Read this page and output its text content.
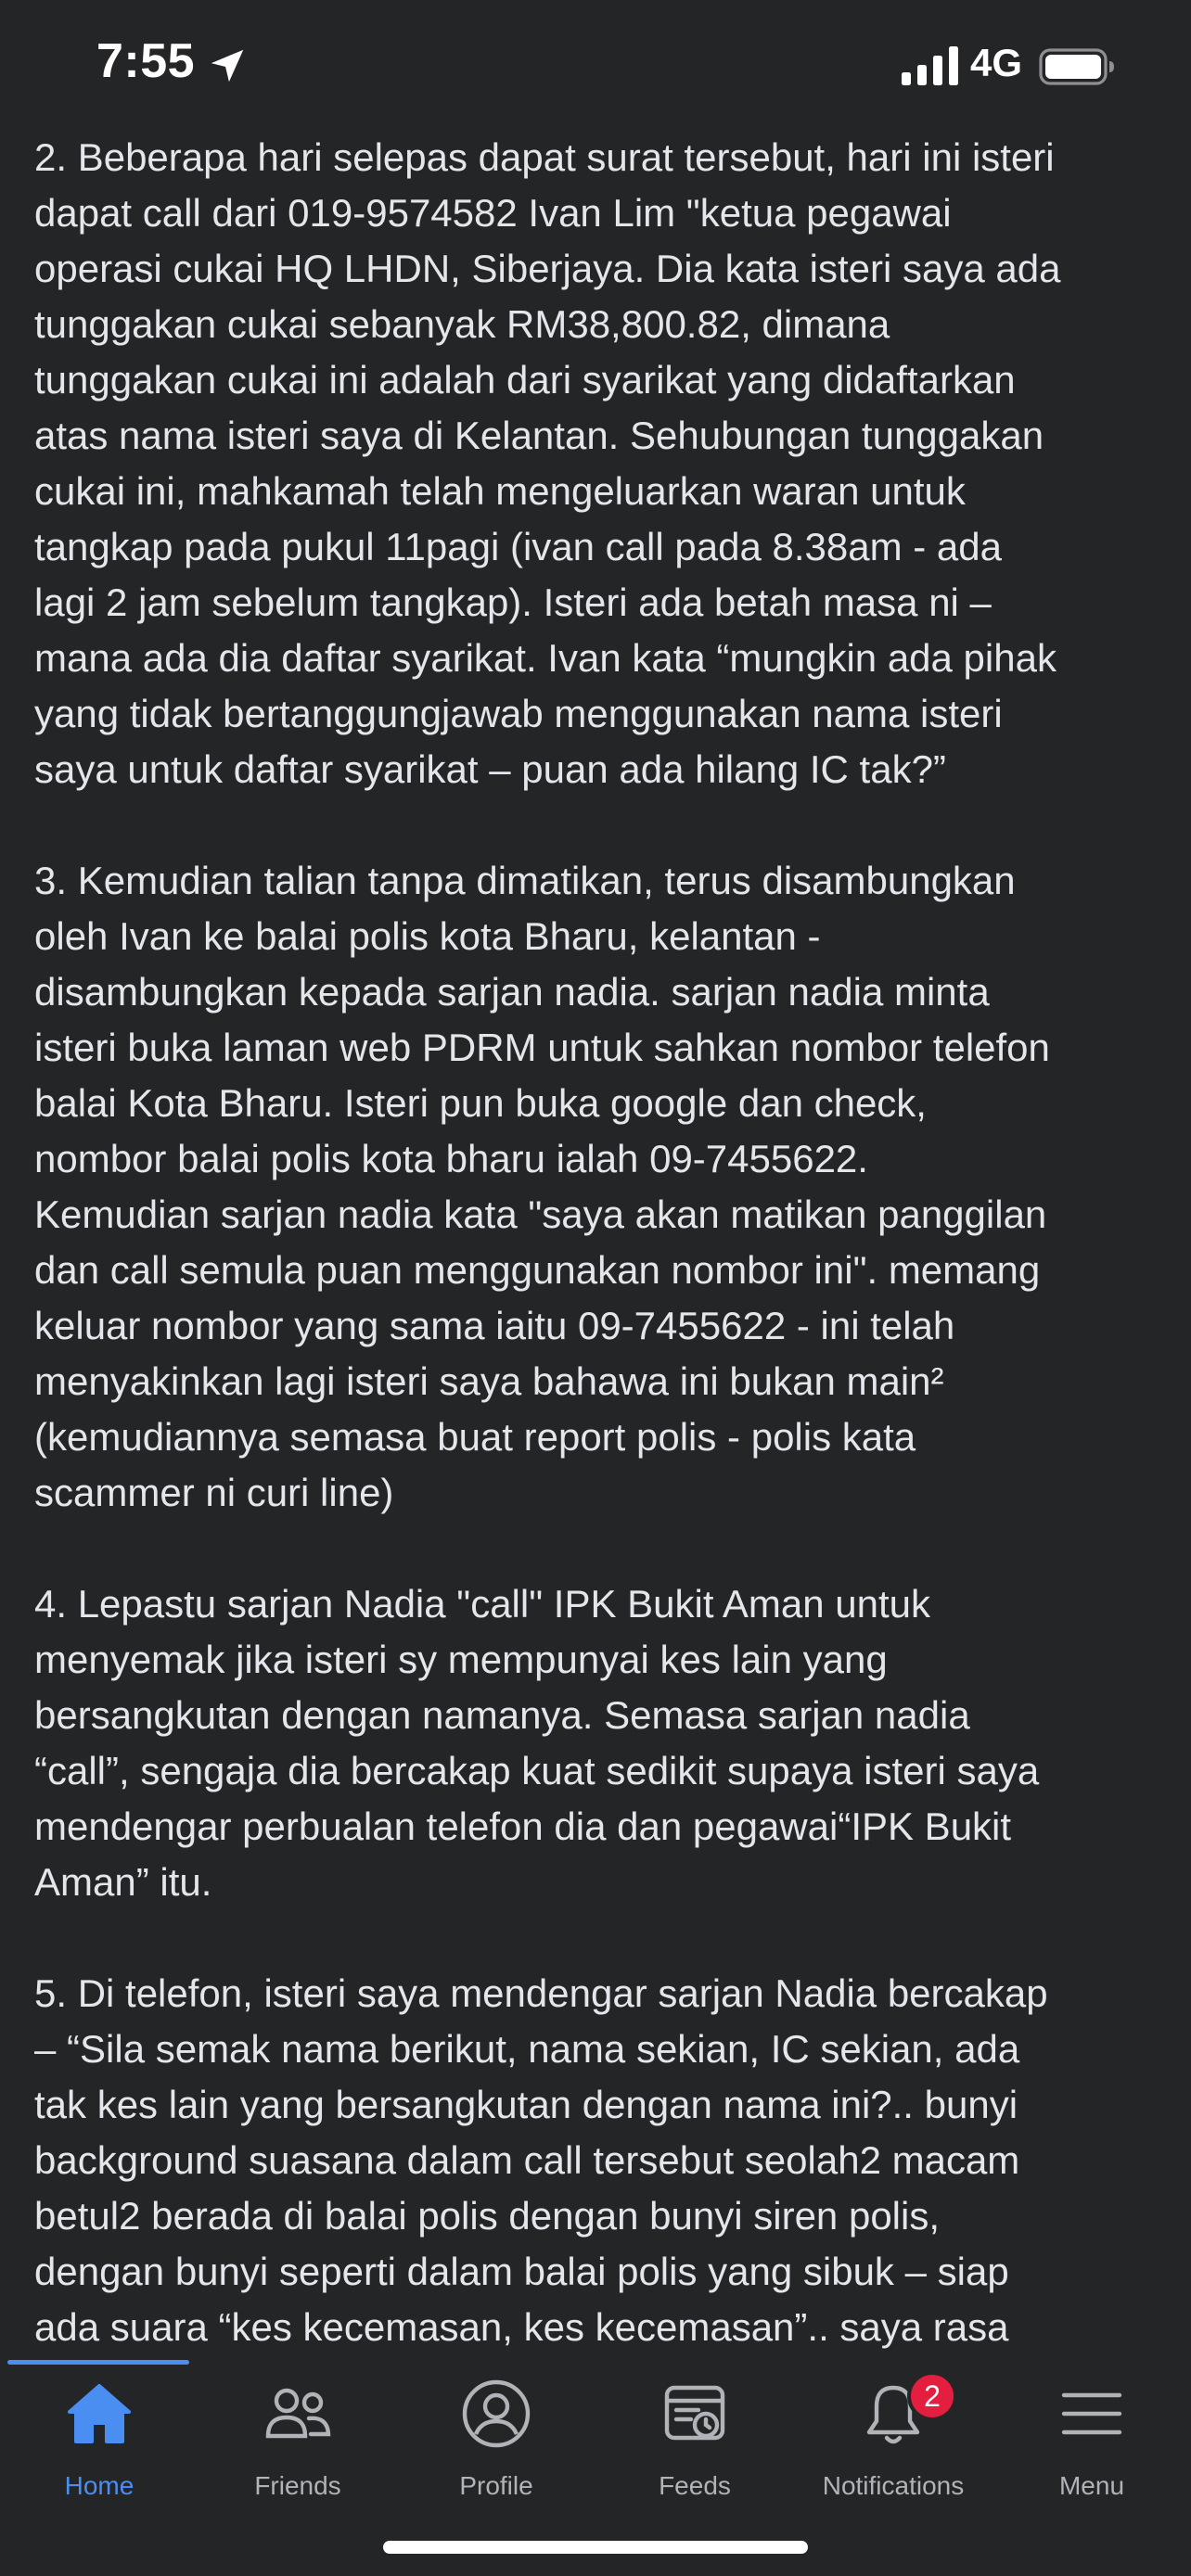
7:55	4G

2. Beberapa hari selepas dapat surat tersebut, hari ini isteri
dapat call dari 019-9574582 Ivan Lim "ketua pegawai
operasi cukai HQ LHDN, Siberjaya. Dia kata isteri saya ada
tunggakan cukai sebanyak RM38,800.82, dimana
tunggakan cukai ini adalah dari syarikat yang didaftarkan
atas nama isteri saya di Kelantan. Sehubungan tunggakan
cukai ini, mahkamah telah mengeluarkan waran untuk
tangkap pada pukul 11pagi (ivan call pada 8.38am - ada
lagi 2 jam sebelum tangkap). Isteri ada betah masa ni –
mana ada dia daftar syarikat. Ivan kata “mungkin ada pihak
yang tidak bertanggungjawab menggunakan nama isteri
saya untuk daftar syarikat – puan ada hilang IC tak?”

3. Kemudian talian tanpa dimatikan, terus disambungkan
oleh Ivan ke balai polis kota Bharu, kelantan -
disambungkan kepada sarjan nadia. sarjan nadia minta
isteri buka laman web PDRM untuk sahkan nombor telefon
balai Kota Bharu. Isteri pun buka google dan check,
nombor balai polis kota bharu ialah 09-7455622.
Kemudian sarjan nadia kata "saya akan matikan panggilan
dan call semula puan menggunakan nombor ini". memang
keluar nombor yang sama iaitu 09-7455622 - ini telah
menyakinkan lagi isteri saya bahawa ini bukan main²
(kemudiannya semasa buat report polis - polis kata
scammer ni curi line)

4. Lepastu sarjan Nadia "call" IPK Bukit Aman untuk
menyemak jika isteri sy mempunyai kes lain yang
bersangkutan dengan namanya. Semasa sarjan nadia
“call”, sengaja dia bercakap kuat sedikit supaya isteri saya
mendengar perbualan telefon dia dan pegawai“IPK Bukit
Aman” itu.

5. Di telefon, isteri saya mendengar sarjan Nadia bercakap
– “Sila semak nama berikut, nama sekian, IC sekian, ada
tak kes lain yang bersangkutan dengan nama ini?.. bunyi
background suasana dalam call tersebut seolah2 macam
betul2 berada di balai polis dengan bunyi siren polis,
dengan bunyi seperti dalam balai polis yang sibuk – siap
ada suara “kes kecemasan, kes kecemasan”.. saya rasa

Home	Friends	Profile	Feeds
2
Notifications	Menu
